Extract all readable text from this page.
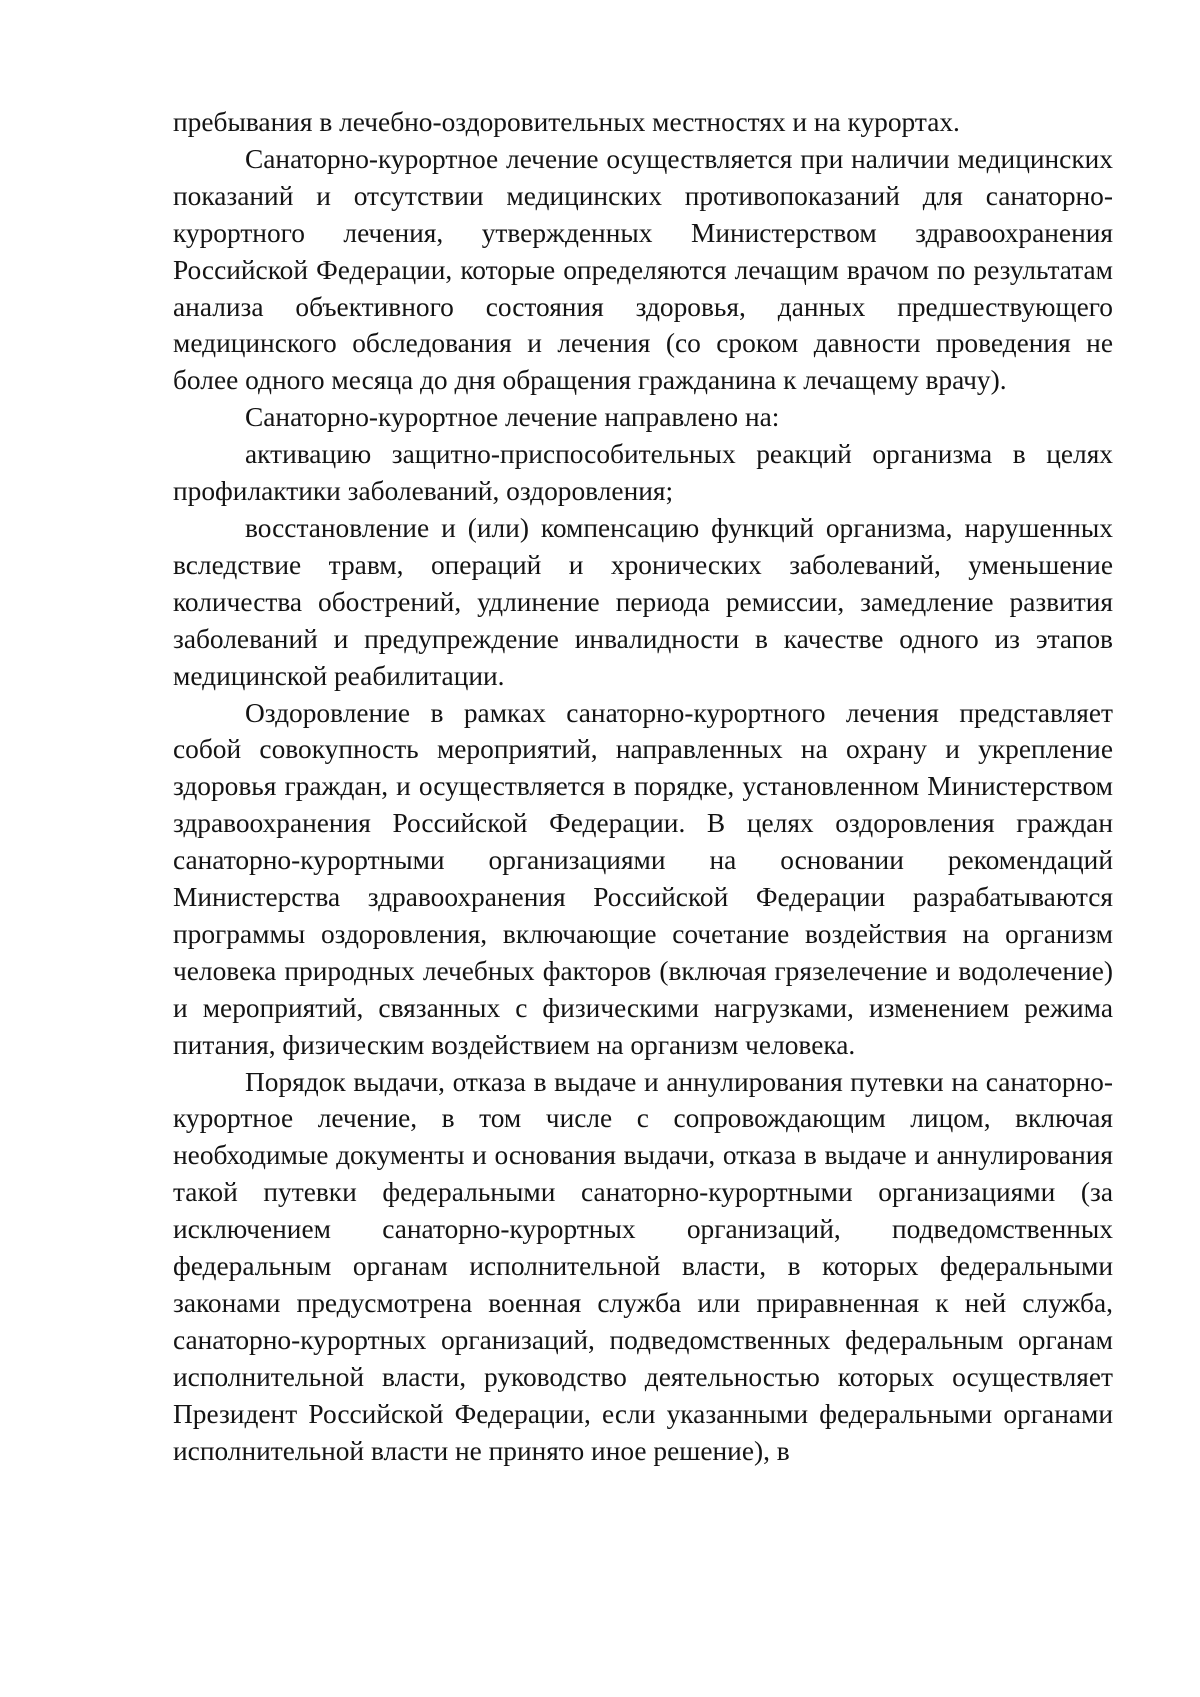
пребывания в лечебно-оздоровительных местностях и на курортах.

Санаторно-курортное лечение осуществляется при наличии медицинских показаний и отсутствии медицинских противопоказаний для санаторно-курортного лечения, утвержденных Министерством здравоохранения Российской Федерации, которые определяются лечащим врачом по результатам анализа объективного состояния здоровья, данных предшествующего медицинского обследования и лечения (со сроком давности проведения не более одного месяца до дня обращения гражданина к лечащему врачу).

Санаторно-курортное лечение направлено на:

активацию защитно-приспособительных реакций организма в целях профилактики заболеваний, оздоровления;

восстановление и (или) компенсацию функций организма, нарушенных вследствие травм, операций и хронических заболеваний, уменьшение количества обострений, удлинение периода ремиссии, замедление развития заболеваний и предупреждение инвалидности в качестве одного из этапов медицинской реабилитации.

Оздоровление в рамках санаторно-курортного лечения представляет собой совокупность мероприятий, направленных на охрану и укрепление здоровья граждан, и осуществляется в порядке, установленном Министерством здравоохранения Российской Федерации. В целях оздоровления граждан санаторно-курортными организациями на основании рекомендаций Министерства здравоохранения Российской Федерации разрабатываются программы оздоровления, включающие сочетание воздействия на организм человека природных лечебных факторов (включая грязелечение и водолечение) и мероприятий, связанных с физическими нагрузками, изменением режима питания, физическим воздействием на организм человека.

Порядок выдачи, отказа в выдаче и аннулирования путевки на санаторно-курортное лечение, в том числе с сопровождающим лицом, включая необходимые документы и основания выдачи, отказа в выдаче и аннулирования такой путевки федеральными санаторно-курортными организациями (за исключением санаторно-курортных организаций, подведомственных федеральным органам исполнительной власти, в которых федеральными законами предусмотрена военная служба или приравненная к ней служба, санаторно-курортных организаций, подведомственных федеральным органам исполнительной власти, руководство деятельностью которых осуществляет Президент Российской Федерации, если указанными федеральными органами исполнительной власти не принято иное решение), в
